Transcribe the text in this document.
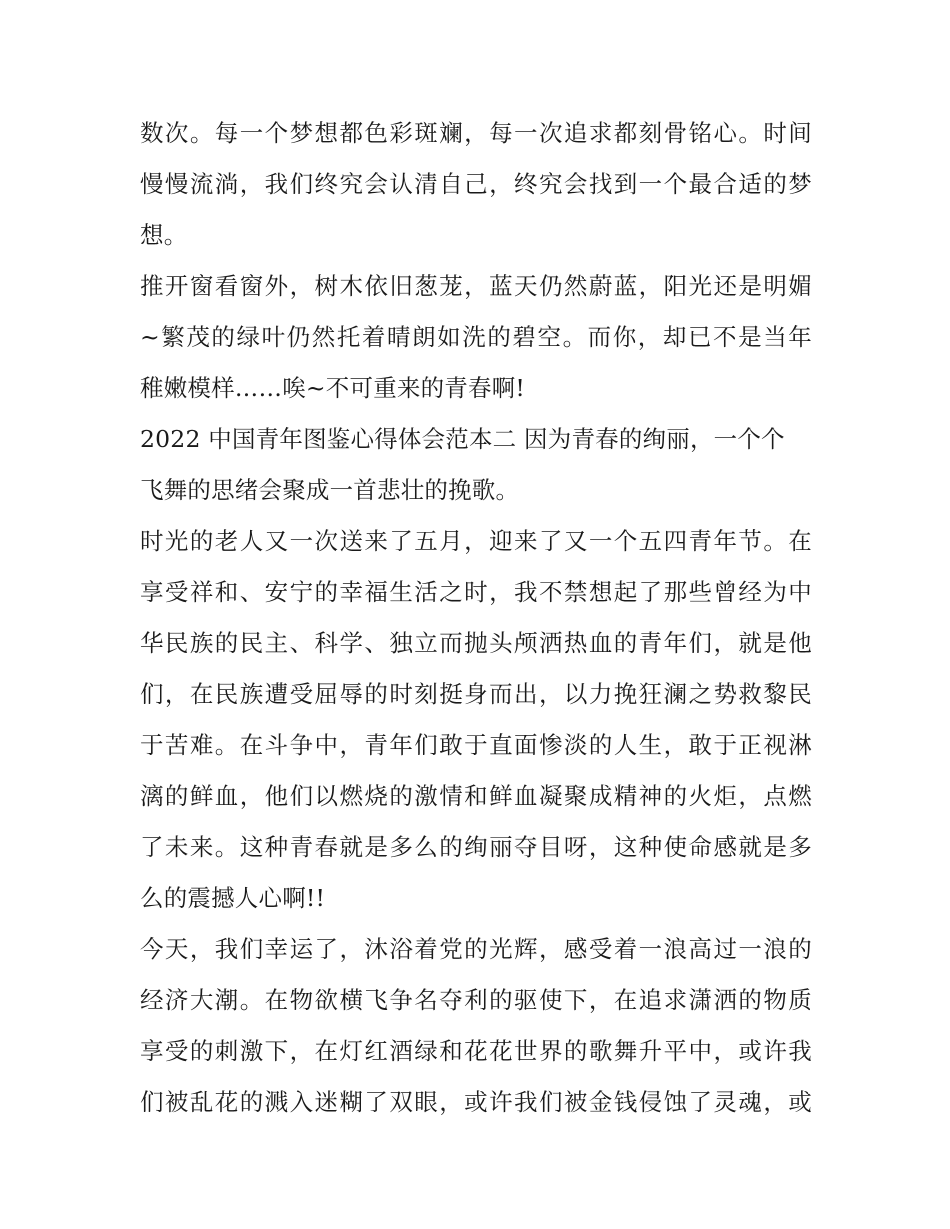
数次。每一个梦想都色彩斑斓，每一次追求都刻骨铭心。时间
慢慢流淌，我们终究会认清自己，终究会找到一个最合适的梦
想。
推开窗看窗外，树木依旧葱茏，蓝天仍然蔚蓝，阳光还是明媚
~繁茂的绿叶仍然托着晴朗如洗的碧空。而你，却已不是当年
稚嫩模样……唉~不可重来的青春啊!
2022 中国青年图鉴心得体会范本二 因为青春的绚丽，一个个
飞舞的思绪会聚成一首悲壮的挽歌。
时光的老人又一次送来了五月，迎来了又一个五四青年节。在
享受祥和、安宁的幸福生活之时，我不禁想起了那些曾经为中
华民族的民主、科学、独立而抛头颅洒热血的青年们，就是他
们，在民族遭受屈辱的时刻挺身而出，以力挽狂澜之势救黎民
于苦难。在斗争中，青年们敢于直面惨淡的人生，敢于正视淋
漓的鲜血，他们以燃烧的激情和鲜血凝聚成精神的火炬，点燃
了未来。这种青春就是多么的绚丽夺目呀，这种使命感就是多
么的震撼人心啊!!
今天，我们幸运了，沐浴着党的光辉，感受着一浪高过一浪的
经济大潮。在物欲横飞争名夺利的驱使下，在追求潇洒的物质
享受的刺激下，在灯红酒绿和花花世界的歌舞升平中，或许我
们被乱花的溅入迷糊了双眼，或许我们被金钱侵蚀了灵魂，或
